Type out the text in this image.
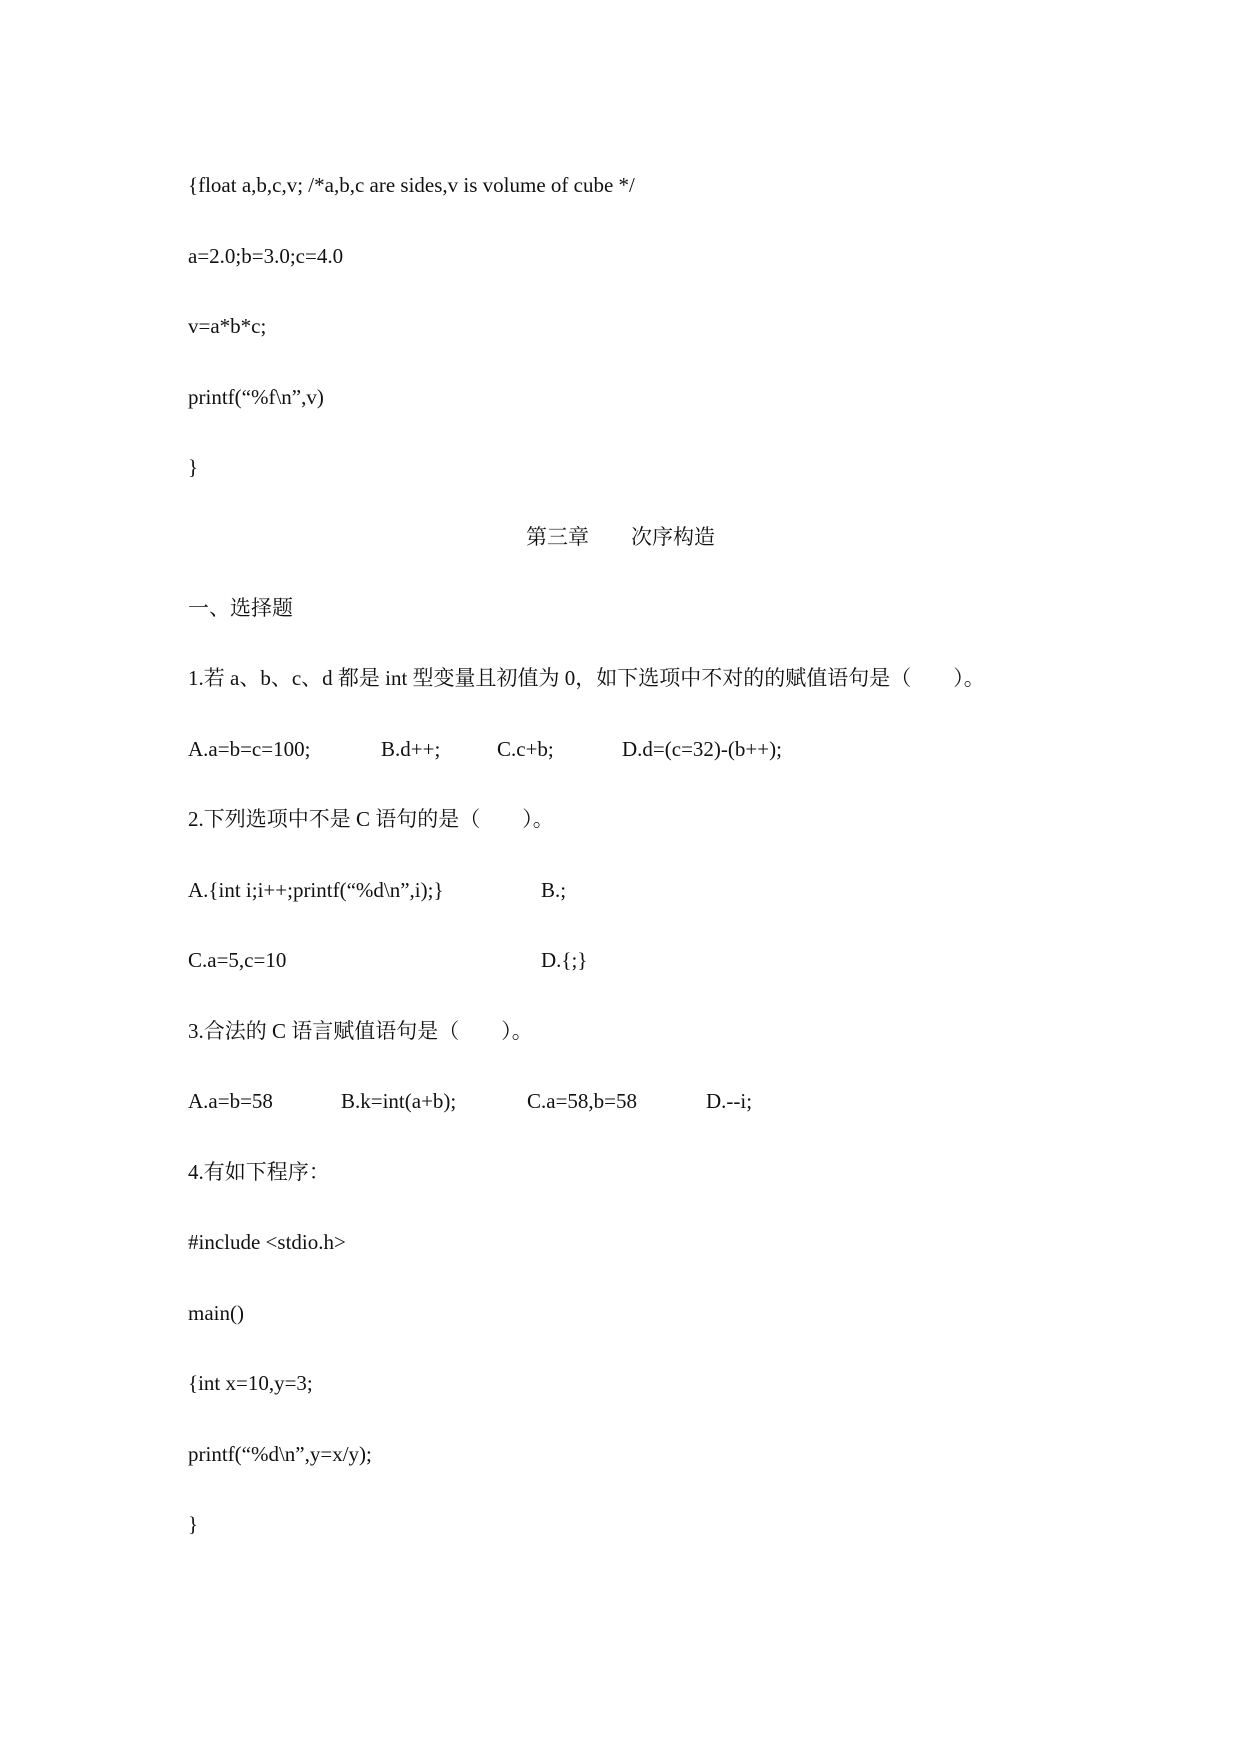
{float a,b,c,v; /*a,b,c are sides,v is volume of cube */
a=2.0;b=3.0;c=4.0
v=a*b*c;
printf(“%f\n”,v)
}
第三章　　次序构造
一、选择题
1.若 a、b、c、d 都是 int 型变量且初值为 0，如下选项中不对的的赋值语句是（　　）。
A.a=b=c=100;	B.d++;	C.c+b;	D.d=(c=32)-(b++);
2.下列选项中不是 C 语句的是（　　）。
A.{int i;i++;printf(“%d\n”,i);}	B.;
C.a=5,c=10	D.{;}
3.合法的 C 语言赋值语句是（　　）。
A.a=b=58	B.k=int(a+b);	C.a=58,b=58	D.--i;
4.有如下程序：
#include <stdio.h>
main()
{int x=10,y=3;
printf(“%d\n”,y=x/y);
}
